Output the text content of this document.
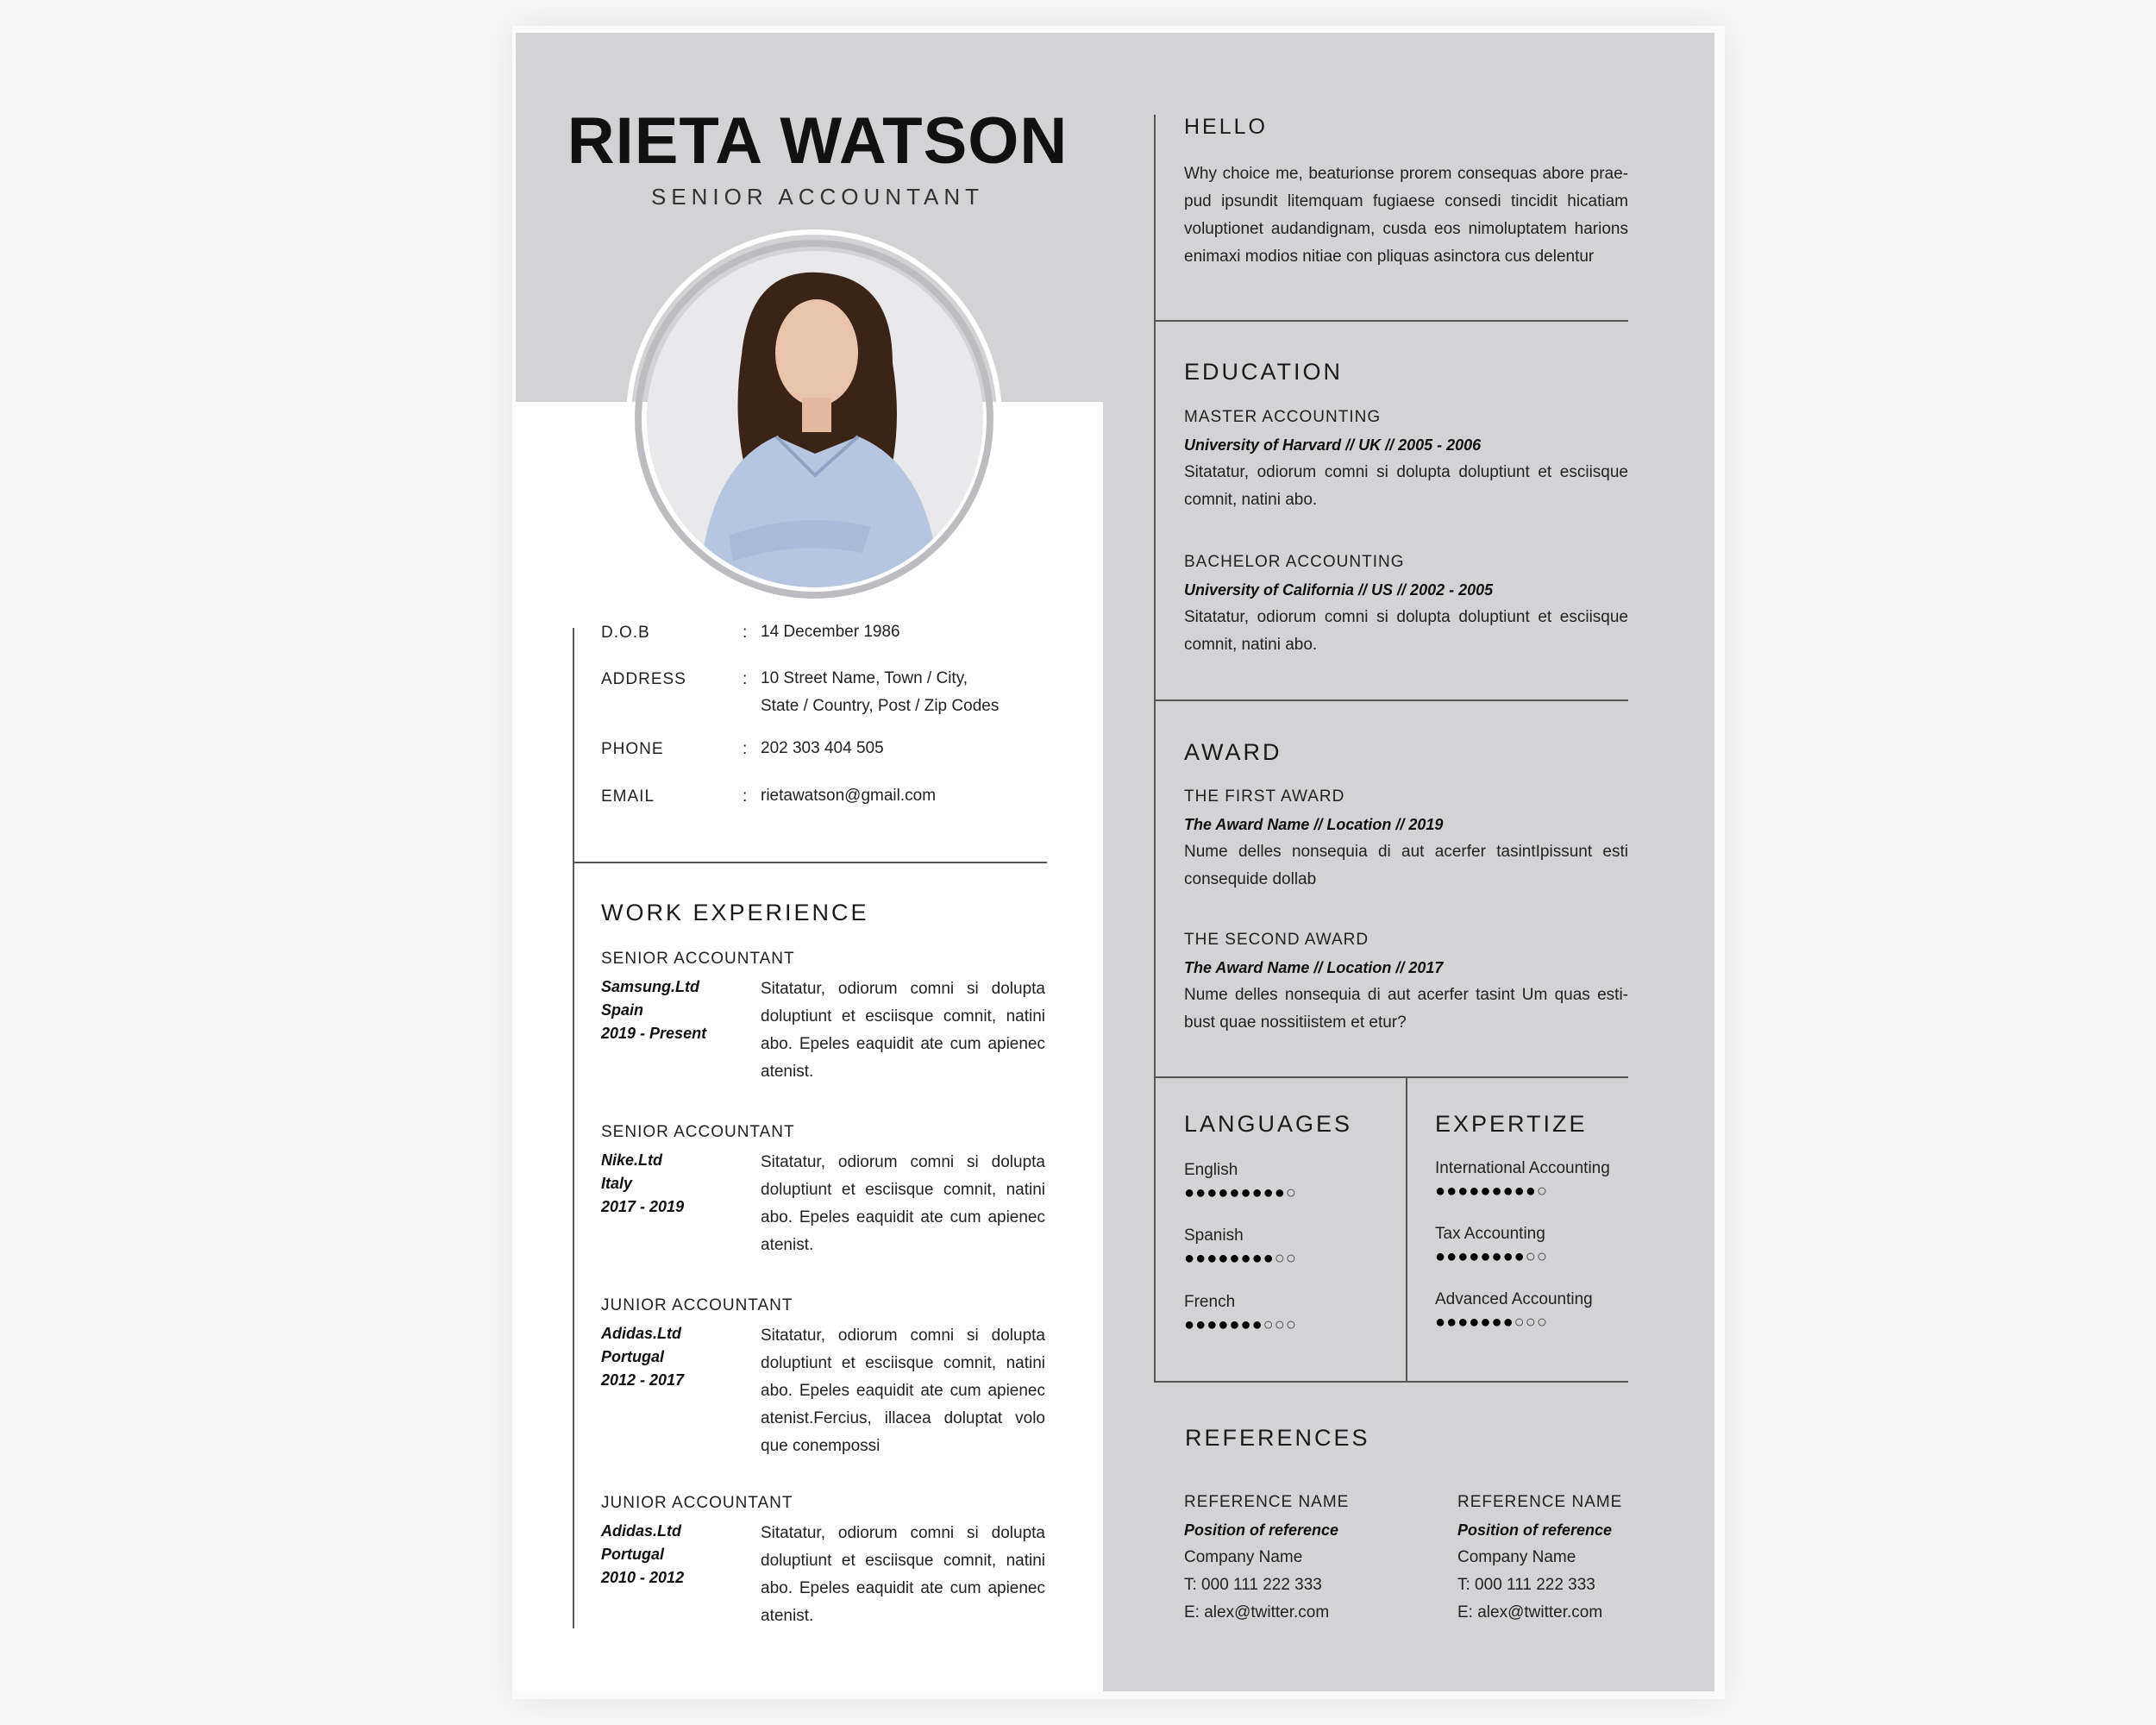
RIETA WATSON
SENIOR ACCOUNTANT
D.O.B	: 14 December 1986
ADDRESS	: 10 Street Name, Town / City,
State / Country, Post / Zip Codes
PHONE	: 202 303 404 505
EMAIL	: rietawatson@gmail.com
WORK EXPERIENCE
SENIOR ACCOUNTANT
Samsung.Ltd
Spain
2019 - Present
Sitatatur, odiorum comni si dolupta doluptiunt et esciisque comnit, natini abo. Epeles eaquidit ate cum apienec atenist.
SENIOR ACCOUNTANT
Nike.Ltd
Italy
2017 - 2019
Sitatatur, odiorum comni si dolupta doluptiunt et esciisque comnit, natini abo. Epeles eaquidit ate cum apienec atenist.
JUNIOR ACCOUNTANT
Adidas.Ltd
Portugal
2012 - 2017
Sitatatur, odiorum comni si dolupta doluptiunt et esciisque comnit, natini abo. Epeles eaquidit ate cum apienec atenist.Fercius, illacea doluptat volo que conempossi
JUNIOR ACCOUNTANT
Adidas.Ltd
Portugal
2010 - 2012
Sitatatur, odiorum comni si dolupta doluptiunt et esciisque comnit, natini abo. Epeles eaquidit ate cum apienec atenist.
HELLO
Why choice me, beaturionse prorem consequas abore prae-pud ipsundit litemquam fugiaese consedi tincidit hicatiam voluptionet audandignam, cusda eos nimoluptatem harions enimaxi modios nitiae con pliquas asinctora cus delentur
EDUCATION
MASTER ACCOUNTING
University of Harvard // UK // 2005 - 2006
Sitatatur, odiorum comni si dolupta doluptiunt et esciisque comnit, natini abo.
BACHELOR ACCOUNTING
University of California // US // 2002 - 2005
Sitatatur, odiorum comni si dolupta doluptiunt et esciisque comnit, natini abo.
AWARD
THE FIRST AWARD
The Award Name // Location // 2019
Nume delles nonsequia di aut acerfer tasintIpissunt esti consequide dollab
THE SECOND AWARD
The Award Name // Location // 2017
Nume delles nonsequia di aut acerfer tasint Um quas esti-bust quae nossitiistem et etur?
LANGUAGES
English
●●●●●●●●●○
Spanish
●●●●●●●●○○
French
●●●●●●●○○○
EXPERTIZE
International Accounting
●●●●●●●●●○
Tax Accounting
●●●●●●●●○○
Advanced Accounting
●●●●●●●○○○
REFERENCES
REFERENCE NAME
Position of reference
Company Name
T: 000 111 222 333
E: alex@twitter.com
REFERENCE NAME
Position of reference
Company Name
T: 000 111 222 333
E: alex@twitter.com
